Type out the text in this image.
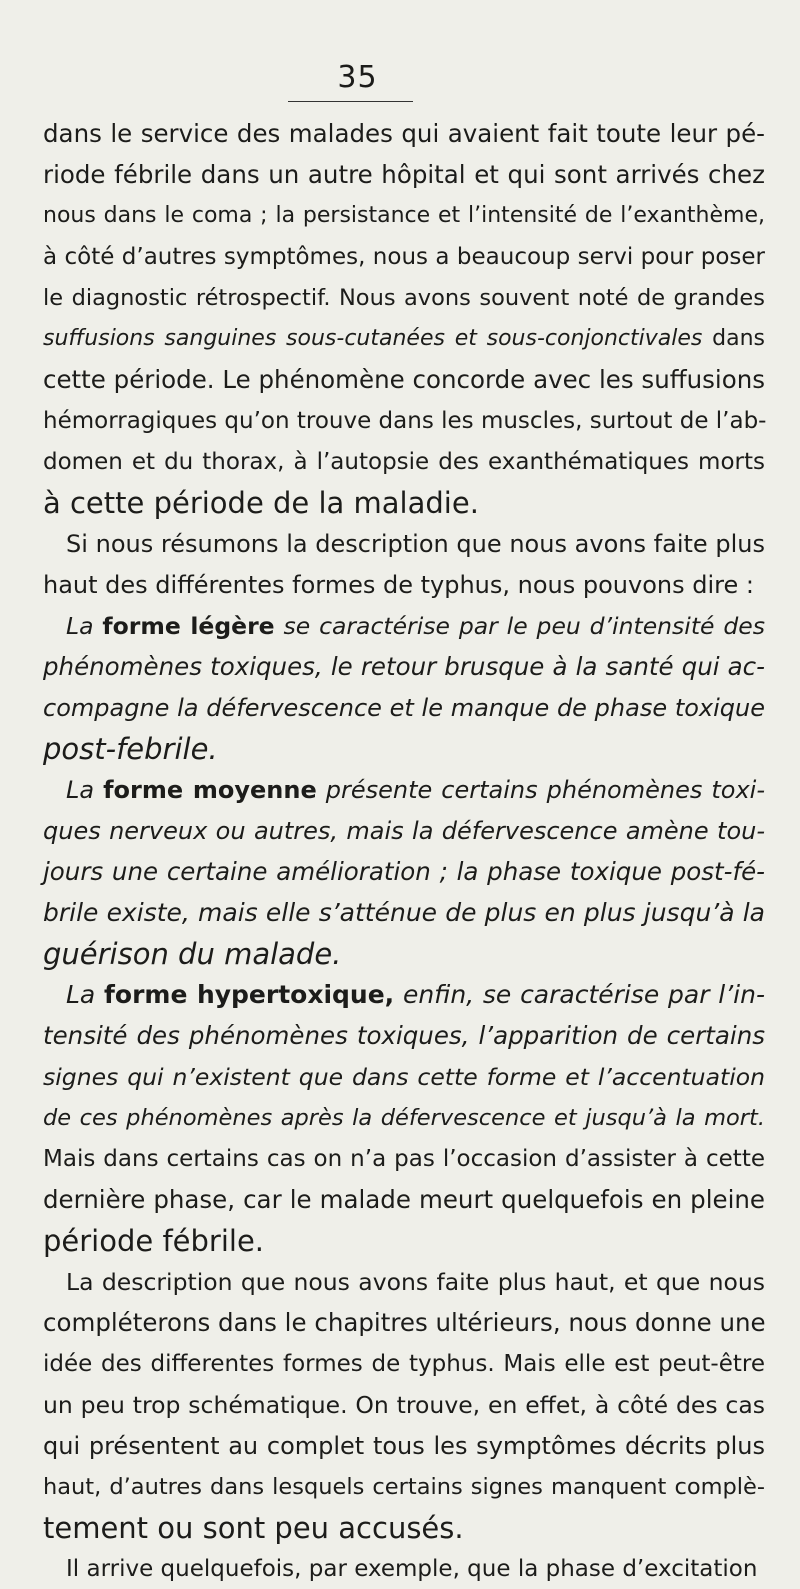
35
dans le service des malades qui avaient fait toute leur pé-
riode fébrile dans un autre hôpital et qui sont arrivés chez
nous dans le coma ; la persistance et l’intensité de l’exanthème,
à côté d’autres symptômes, nous a beaucoup servi pour poser
le diagnostic rétrospectif. Nous avons souvent noté de grandes
suffusions sanguines sous-cutanées et sous-conjonctivales dans
cette période. Le phénomène concorde avec les suffusions
hémorragiques qu’on trouve dans les muscles, surtout de l’ab-
domen et du thorax, à l’autopsie des exanthématiques morts
à cette période de la maladie.
Si nous résumons la description que nous avons faite plus
haut des différentes formes de typhus, nous pouvons dire :
La forme légère se caractérise par le peu d’intensité des
phénomènes toxiques, le retour brusque à la santé qui ac-
compagne la défervescence et le manque de phase toxique
post-febrile.
La forme moyenne présente certains phénomènes toxi-
ques nerveux ou autres, mais la défervescence amène tou-
jours une certaine amélioration ; la phase toxique post-fé-
brile existe, mais elle s’atténue de plus en plus jusqu’à la
guérison du malade.
La forme hypertoxique, enfin, se caractérise par l’in-
tensité des phénomènes toxiques, l’apparition de certains
signes qui n’existent que dans cette forme et l’accentuation
de ces phénomènes après la défervescence et jusqu’à la mort.
Mais dans certains cas on n’a pas l’occasion d’assister à cette
dernière phase, car le malade meurt quelquefois en pleine
période fébrile.
La description que nous avons faite plus haut, et que nous
compléterons dans le chapitres ultérieurs, nous donne une
idée des differentes formes de typhus. Mais elle est peut-être
un peu trop schématique. On trouve, en effet, à côté des cas
qui présentent au complet tous les symptômes décrits plus
haut, d’autres dans lesquels certains signes manquent complè-
tement ou sont peu accusés.
Il arrive quelquefois, par exemple, que la phase d’excitation
